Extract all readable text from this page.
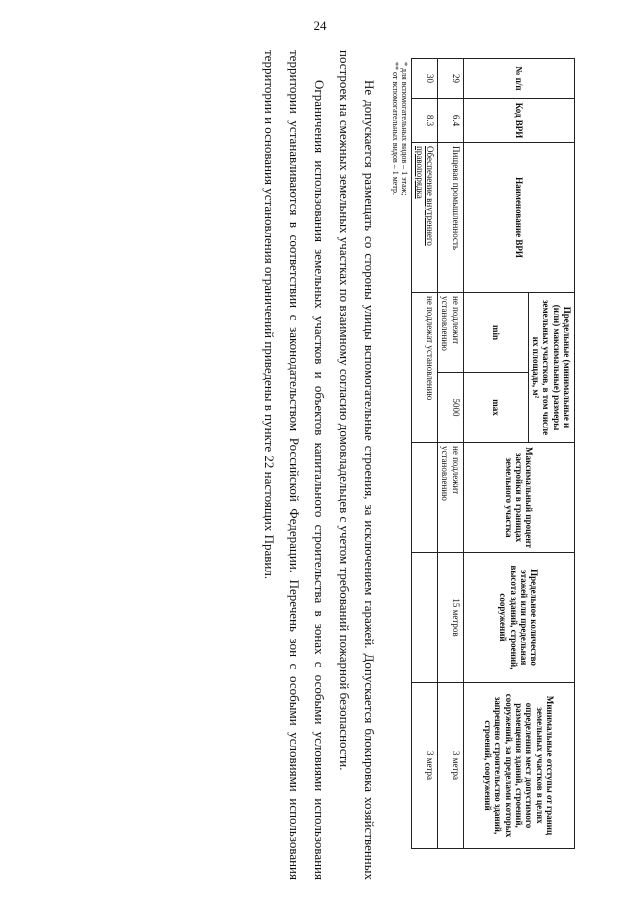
24
№ п/п	Код ВРИ	Наименование ВРИ	Предельные (минимальные и (или) максимальные) размеры земельных участков, в том числе их площадь, м²		Максимальный процент застройки в границах земельного участка	Предельное количество этажей или предельная высота зданий, строений, сооружений	Минимальные отступы от границ земельных участков в целях определения мест допустимого размещения зданий, строений, сооружений, за пределами которых запрещено строительство зданий, строений, сооружений
			min	max			
29	6.4	Пищевая промышленность	не подлежит установлению	5000	не подлежит установлению	15 метров	3 метра
30	8.3	Обеспечение внутреннего правопорядка	не подлежат установлению				3 метра
* для вспомогательных видов – 1 этаж;
** от вспомогательных видов – 1 метр.

Не допускается размещать со стороны улицы вспомогательные строения, за исключением гаражей. Допускается блокировка хозяйственных построек на смежных земельных участках по взаимному согласию домовладельцев с учетом требований пожарной безопасности.

Ограничения использования земельных участков и объектов капитального строительства в зонах с особыми условиями использования территории устанавливаются в соответствии с законодательством Российской Федерации. Перечень зон с особыми условиями использования территории и основания установления ограничений приведены в пункте 22 настоящих Правил.
